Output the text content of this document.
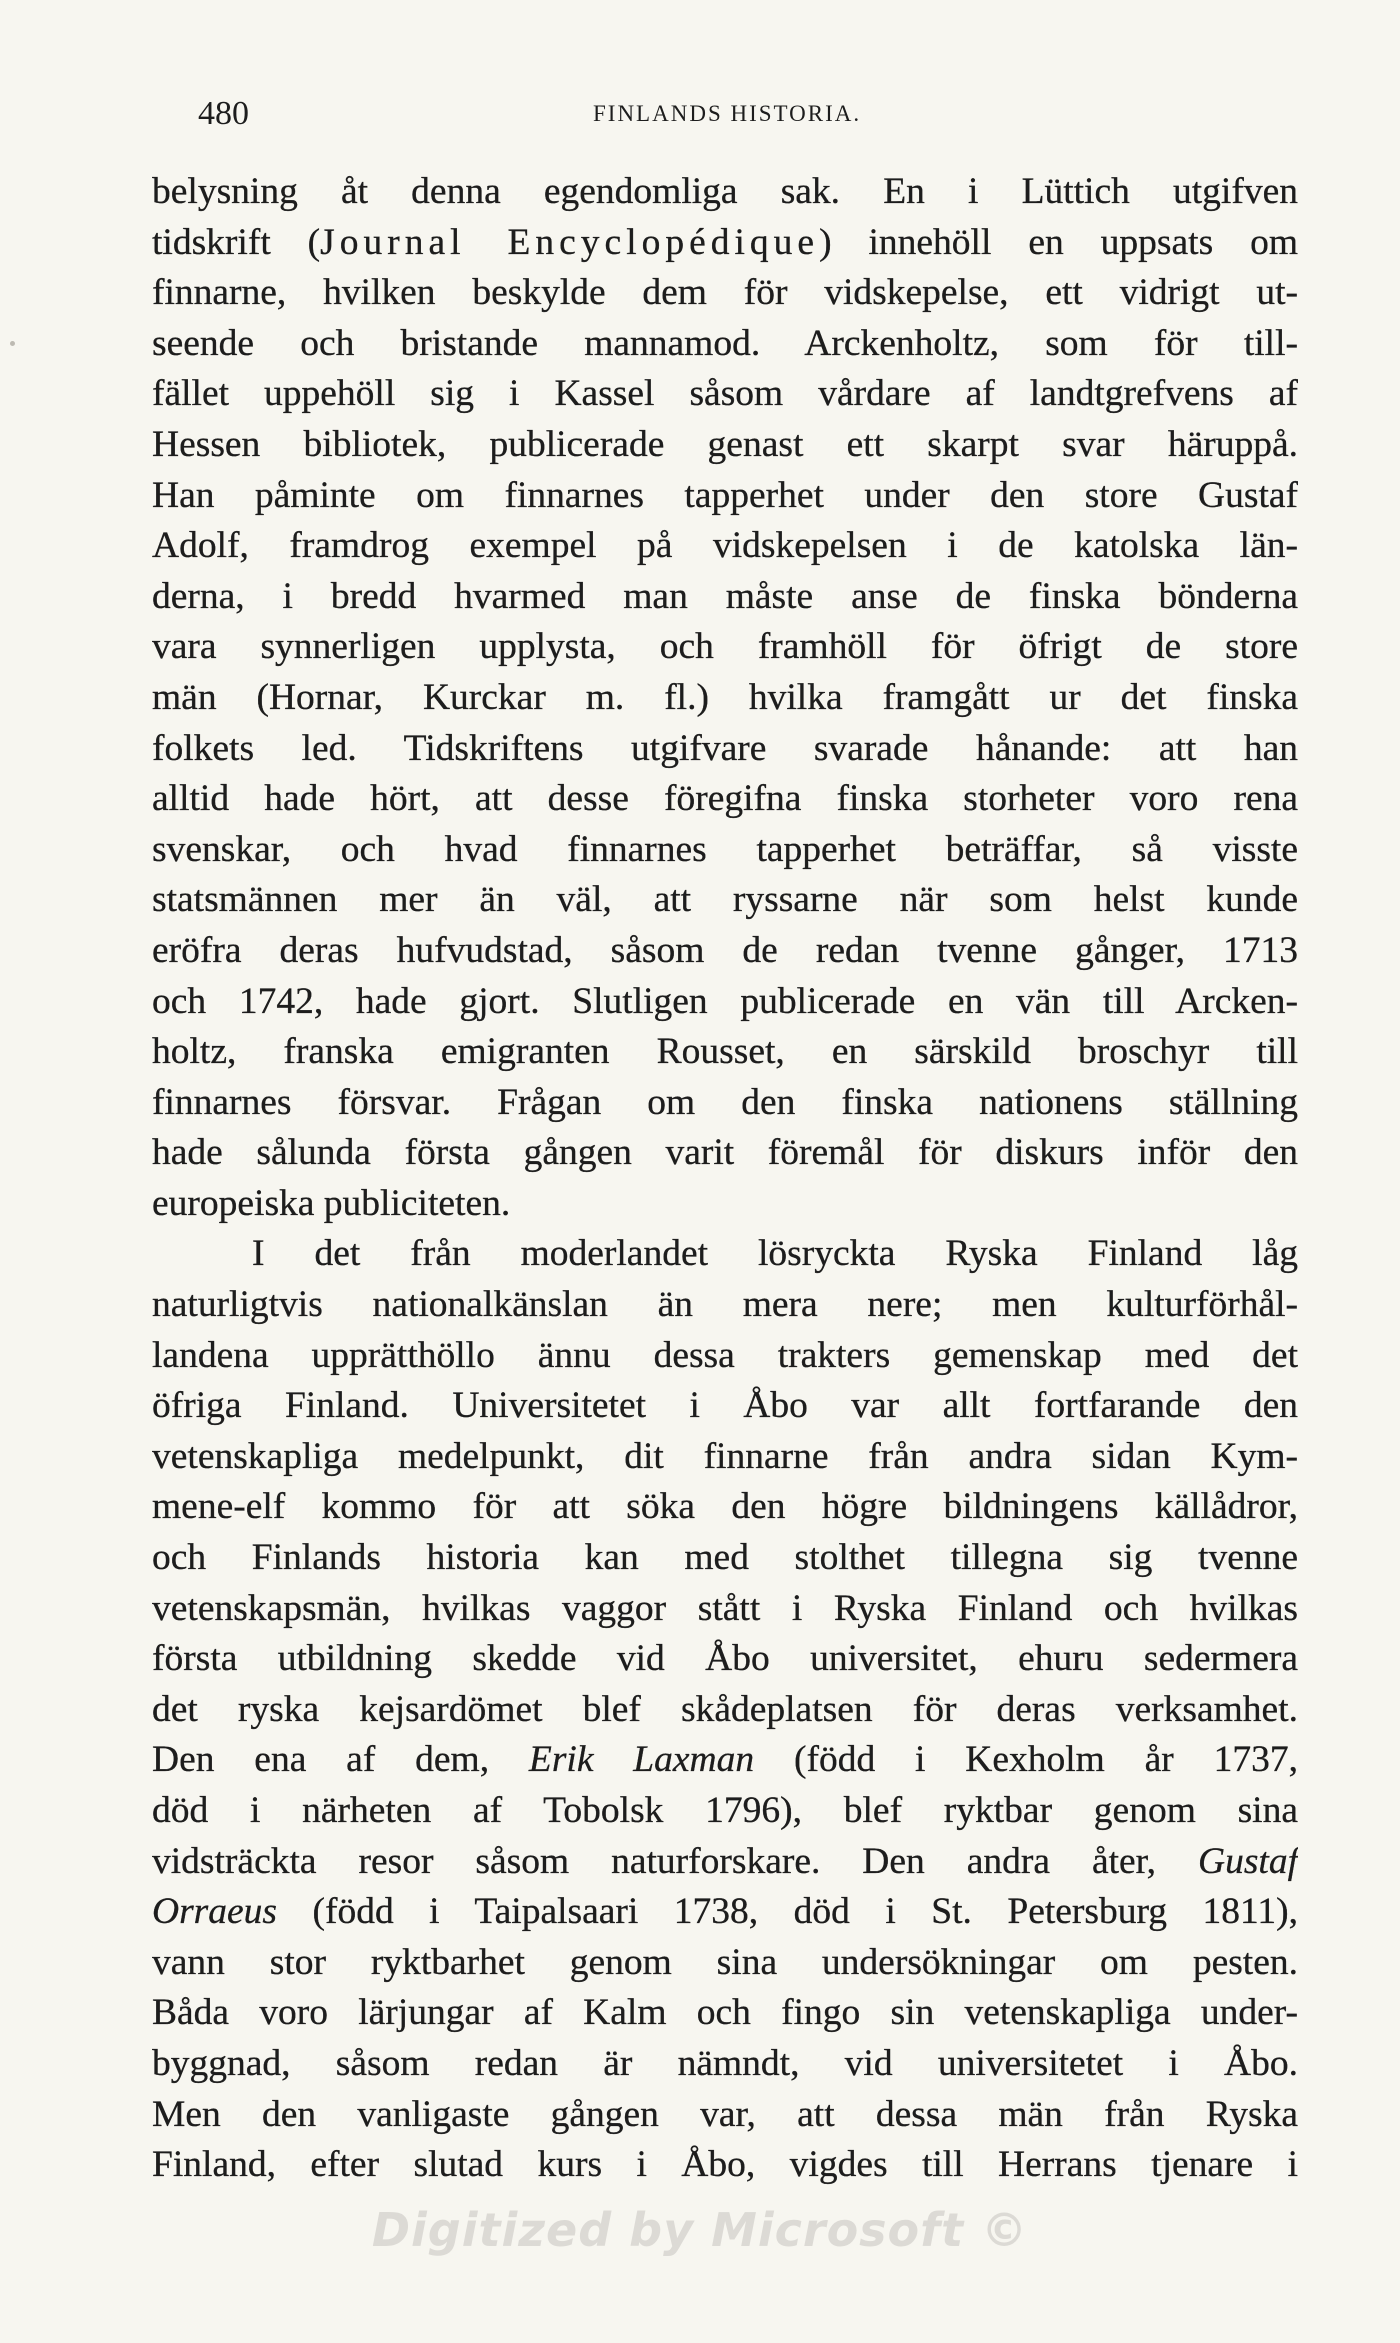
480	FINLANDS HISTORIA.
belysning åt denna egendomliga sak. En i Lüttich utgifven
tidskrift (Journal Encyclopédique) innehöll en uppsats om
finnarne, hvilken beskylde dem för vidskepelse, ett vidrigt ut-
seende och bristande mannamod. Arckenholtz, som för till-
fället uppehöll sig i Kassel såsom vårdare af landtgrefvens af
Hessen bibliotek, publicerade genast ett skarpt svar häruppå.
Han påminte om finnarnes tapperhet under den store Gustaf
Adolf, framdrog exempel på vidskepelsen i de katolska län-
derna, i bredd hvarmed man måste anse de finska bönderna
vara synnerligen upplysta, och framhöll för öfrigt de store
män (Hornar, Kurckar m. fl.) hvilka framgått ur det finska
folkets led. Tidskriftens utgifvare svarade hånande: att han
alltid hade hört, att desse föregifna finska storheter voro rena
svenskar, och hvad finnarnes tapperhet beträffar, så visste
statsmännen mer än väl, att ryssarne när som helst kunde
eröfra deras hufvudstad, såsom de redan tvenne gånger, 1713
och 1742, hade gjort. Slutligen publicerade en vän till Arcken-
holtz, franska emigranten Rousset, en särskild broschyr till
finnarnes försvar. Frågan om den finska nationens ställning
hade sålunda första gången varit föremål för diskurs inför den
europeiska publiciteten.
I det från moderlandet lösryckta Ryska Finland låg
naturligtvis nationalkänslan än mera nere; men kulturförhål-
landena upprätthöllo ännu dessa trakters gemenskap med det
öfriga Finland. Universitetet i Åbo var allt fortfarande den
vetenskapliga medelpunkt, dit finnarne från andra sidan Kym-
mene-elf kommo för att söka den högre bildningens källådror,
och Finlands historia kan med stolthet tillegna sig tvenne
vetenskapsmän, hvilkas vaggor stått i Ryska Finland och hvilkas
första utbildning skedde vid Åbo universitet, ehuru sedermera
det ryska kejsardömet blef skådeplatsen för deras verksamhet.
Den ena af dem, Erik Laxman (född i Kexholm år 1737,
död i närheten af Tobolsk 1796), blef ryktbar genom sina
vidsträckta resor såsom naturforskare. Den andra åter, Gustaf
Orraeus (född i Taipalsaari 1738, död i St. Petersburg 1811),
vann stor ryktbarhet genom sina undersökningar om pesten.
Båda voro lärjungar af Kalm och fingo sin vetenskapliga under-
byggnad, såsom redan är nämndt, vid universitetet i Åbo.
Men den vanligaste gången var, att dessa män från Ryska
Finland, efter slutad kurs i Åbo, vigdes till Herrans tjenare i
Digitized by Microsoft ©
